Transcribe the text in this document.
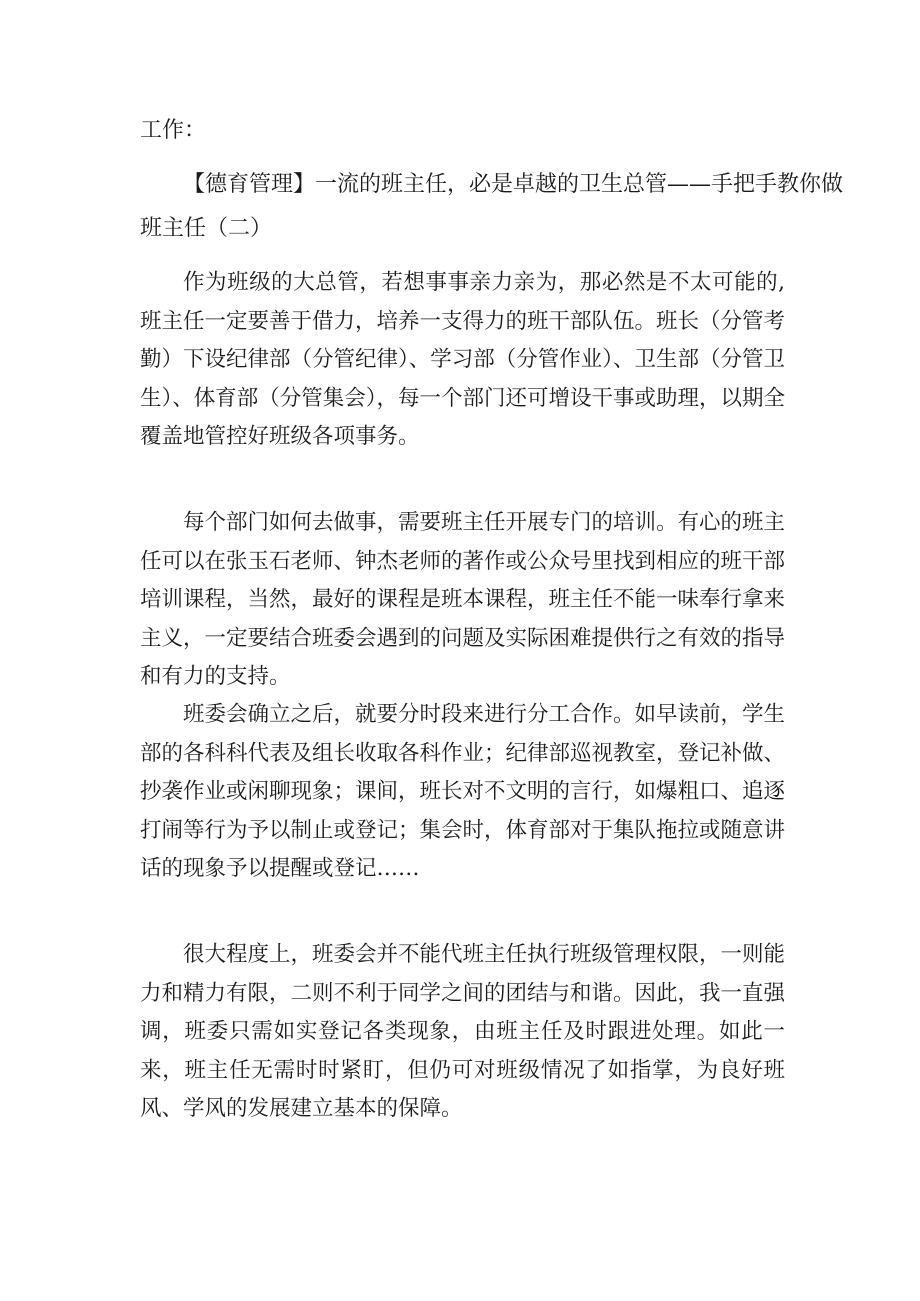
工作：
【德育管理】一流的班主任，必是卓越的卫生总管——手把手教你做
班主任（二）
作为班级的大总管，若想事事亲力亲为，那必然是不太可能的,班主任一定要善于借力，培养一支得力的班干部队伍。班长（分管考勤）下设纪律部（分管纪律）、学习部（分管作业）、卫生部（分管卫生）、体育部（分管集会），每一个部门还可增设干事或助理，以期全覆盖地管控好班级各项事务。
每个部门如何去做事，需要班主任开展专门的培训。有心的班主任可以在张玉石老师、钟杰老师的著作或公众号里找到相应的班干部培训课程，当然，最好的课程是班本课程，班主任不能一味奉行拿来主义，一定要结合班委会遇到的问题及实际困难提供行之有效的指导和有力的支持。
班委会确立之后，就要分时段来进行分工合作。如早读前，学生部的各科科代表及组长收取各科作业；纪律部巡视教室，登记补做、抄袭作业或闲聊现象；课间，班长对不文明的言行，如爆粗口、追逐打闹等行为予以制止或登记；集会时，体育部对于集队拖拉或随意讲话的现象予以提醒或登记……
很大程度上，班委会并不能代班主任执行班级管理权限，一则能力和精力有限，二则不利于同学之间的团结与和谐。因此，我一直强调，班委只需如实登记各类现象，由班主任及时跟进处理。如此一来，班主任无需时时紧盯，但仍可对班级情况了如指掌，为良好班风、学风的发展建立基本的保障。
